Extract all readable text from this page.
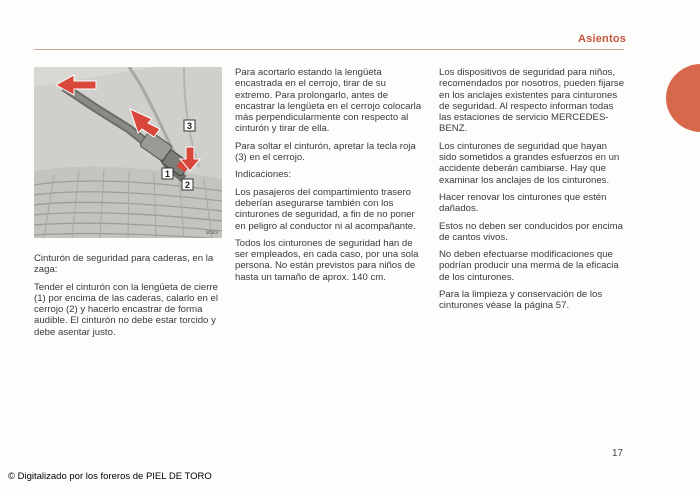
Asientos
3
1
2
9583

Cinturón de seguridad para caderas, en la zaga:

Tender el cinturón con la lengüeta de cierre (1) por encima de las caderas, calarlo en el cerrojo (2) y hacerlo encastrar de forma audible. El cinturón no debe estar torcido y debe asentar justo.

Para acortarlo estando la lengüeta encastrada en el cerrojo, tirar de su extremo. Para prolongarlo, antes de encastrar la lengüeta en el cerrojo colocarla más perpendicularmente con respecto al cinturón y tirar de ella.

Para soltar el cinturón, apretar la tecla roja (3) en el cerrojo.

Indicaciones:

Los pasajeros del compartimiento trasero deberían asegurarse también con los cinturones de seguridad, a fin de no poner en peligro al conductor ni al acompañante.

Todos los cinturones de seguridad han de ser empleados, en cada caso, por una sola persona. No están previstos para niños de hasta un tamaño de aprox. 140 cm.

Los dispositivos de seguridad para niños, recomendados por nosotros, pueden fijarse en los anclajes existentes para cinturones de seguridad. Al respecto informan todas las estaciones de servicio MERCEDES-BENZ.

Los cinturones de seguridad que hayan sido sometidos a grandes esfuerzos en un accidente deberán cambiarse. Hay que examinar los anclajes de los cinturones.

Hacer renovar los cinturones que estén dañados.

Estos no deben ser conducidos por encima de cantos vivos.

No deben efectuarse modificaciones que podrían producir una merma de la eficacia de los cinturones.

Para la limpieza y conservación de los cinturones véase la página 57.

17
© Digitalizado por los foreros de PIEL DE TORO
